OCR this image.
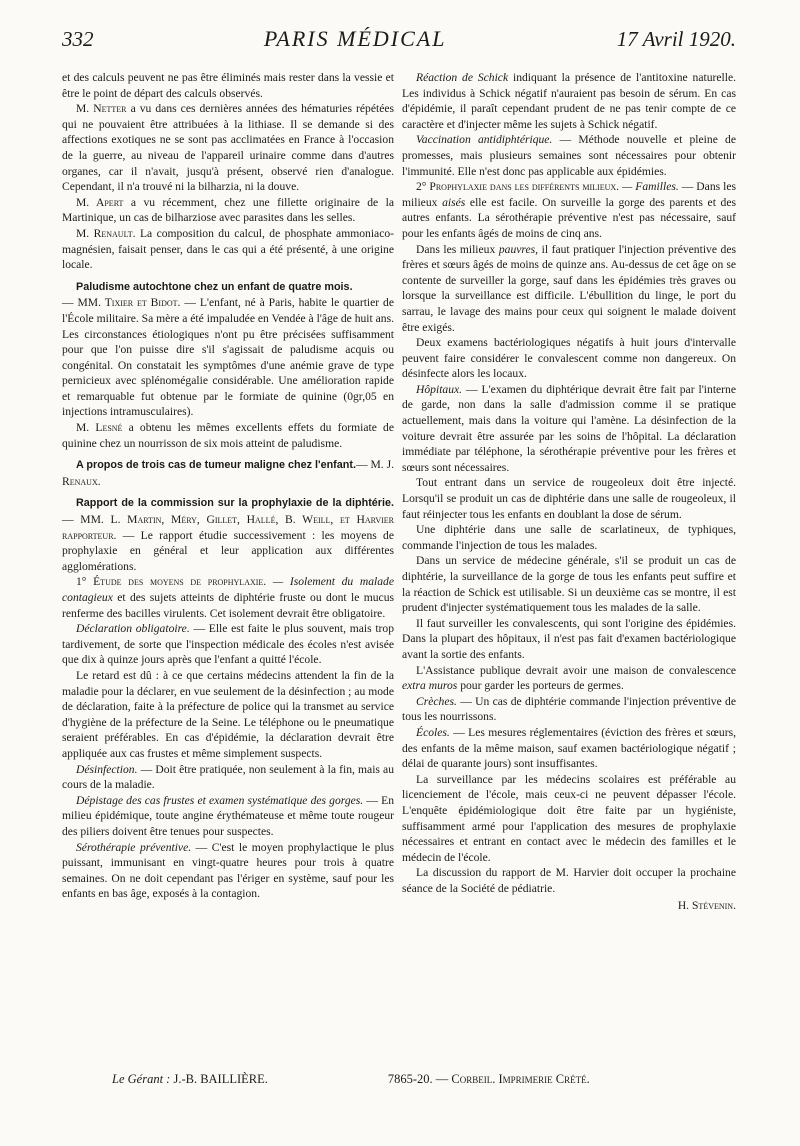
332	PARIS MÉDICAL	17 Avril 1920.

et des calculs peuvent ne pas être éliminés mais rester dans la vessie et être le point de départ des calculs observés.

M. Netter a vu dans ces dernières années des hématuries répétées qui ne pouvaient être attribuées à la lithiase. Il se demande si des affections exotiques ne se sont pas acclimatées en France à l'occasion de la guerre, au niveau de l'appareil urinaire comme dans d'autres organes, car il n'avait, jusqu'à présent, observé rien d'analogue. Cependant, il n'a trouvé ni la bilharzia, ni la douve.

M. Apert a vu récemment, chez une fillette originaire de la Martinique, un cas de bilharziose avec parasites dans les selles.

M. Renault. La composition du calcul, de phosphate ammoniaco-magnésien, faisait penser, dans le cas qui a été présenté, à une origine locale.

Paludisme autochtone chez un enfant de quatre mois.

— MM. Tixier et Bidot. — L'enfant, né à Paris, habite le quartier de l'École militaire. Sa mère a été impaludée en Vendée à l'âge de huit ans. Les circonstances étiologiques n'ont pu être précisées suffisamment pour que l'on puisse dire s'il s'agissait de paludisme acquis ou congénital. On constatait les symptômes d'une anémie grave de type pernicieux avec splénomégalie considérable. Une amélioration rapide et remarquable fut obtenue par le formiate de quinine (0gr,05 en injections intramusculaires).

M. Lesné a obtenu les mêmes excellents effets du formiate de quinine chez un nourrisson de six mois atteint de paludisme.

A propos de trois cas de tumeur maligne chez l'enfant.— M. J. Renaux.

Rapport de la commission sur la prophylaxie de la diphtérie. — MM. L. Martin, Méry, Gillet, Hallé, B. Weill, et Harvier rapporteur. — Le rapport étudie successivement : les moyens de prophylaxie en général et leur application aux différentes agglomérations.

1° Étude des moyens de prophylaxie. — Isolement du malade contagieux et des sujets atteints de diphtérie fruste ou dont le mucus renferme des bacilles virulents. Cet isolement devrait être obligatoire.

Déclaration obligatoire. — Elle est faite le plus souvent, mais trop tardivement, de sorte que l'inspection médicale des écoles n'est avisée que dix à quinze jours après que l'enfant a quitté l'école.

Le retard est dû : à ce que certains médecins attendent la fin de la maladie pour la déclarer, en vue seulement de la désinfection ; au mode de déclaration, faite à la préfecture de police qui la transmet au service d'hygiène de la préfecture de la Seine. Le téléphone ou le pneumatique seraient préférables. En cas d'épidémie, la déclaration devrait être appliquée aux cas frustes et même simplement suspects.

Désinfection. — Doit être pratiquée, non seulement à la fin, mais au cours de la maladie.

Dépistage des cas frustes et examen systématique des gorges. — En milieu épidémique, toute angine érythémateuse et même toute rougeur des piliers doivent être tenues pour suspectes.

Sérothérapie préventive. — C'est le moyen prophylactique le plus puissant, immunisant en vingt-quatre heures pour trois à quatre semaines. On ne doit cependant pas l'ériger en système, sauf pour les enfants en bas âge, exposés à la contagion.

Réaction de Schick indiquant la présence de l'antitoxine naturelle. Les individus à Schick négatif n'auraient pas besoin de sérum. En cas d'épidémie, il paraît cependant prudent de ne pas tenir compte de ce caractère et d'injecter même les sujets à Schick négatif.

Vaccination antidiphtérique. — Méthode nouvelle et pleine de promesses, mais plusieurs semaines sont nécessaires pour obtenir l'immunité. Elle n'est donc pas applicable aux épidémies.

2° Prophylaxie dans les différents milieux. — Familles. — Dans les milieux aisés elle est facile. On surveille la gorge des parents et des autres enfants. La sérothérapie préventive n'est pas nécessaire, sauf pour les enfants âgés de moins de cinq ans.

Dans les milieux pauvres, il faut pratiquer l'injection préventive des frères et sœurs âgés de moins de quinze ans. Au-dessus de cet âge on se contente de surveiller la gorge, sauf dans les épidémies très graves ou lorsque la surveillance est difficile. L'ébullition du linge, le port du sarrau, le lavage des mains pour ceux qui soignent le malade doivent être exigés.

Deux examens bactériologiques négatifs à huit jours d'intervalle peuvent faire considérer le convalescent comme non dangereux. On désinfecte alors les locaux.

Hôpitaux. — L'examen du diphtérique devrait être fait par l'interne de garde, non dans la salle d'admission comme il se pratique actuellement, mais dans la voiture qui l'amène. La désinfection de la voiture devrait être assurée par les soins de l'hôpital. La déclaration immédiate par téléphone, la sérothérapie préventive pour les frères et sœurs sont nécessaires.

Tout entrant dans un service de rougeoleux doit être injecté. Lorsqu'il se produit un cas de diphtérie dans une salle de rougeoleux, il faut réinjecter tous les enfants en doublant la dose de sérum.

Une diphtérie dans une salle de scarlatineux, de typhiques, commande l'injection de tous les malades.

Dans un service de médecine générale, s'il se produit un cas de diphtérie, la surveillance de la gorge de tous les enfants peut suffire et la réaction de Schick est utilisable. Si un deuxième cas se montre, il est prudent d'injecter systématiquement tous les malades de la salle.

Il faut surveiller les convalescents, qui sont l'origine des épidémies. Dans la plupart des hôpitaux, il n'est pas fait d'examen bactériologique avant la sortie des enfants.

L'Assistance publique devrait avoir une maison de convalescence extra muros pour garder les porteurs de germes.

Crèches. — Un cas de diphtérie commande l'injection préventive de tous les nourrissons.

Écoles. — Les mesures réglementaires (éviction des frères et sœurs, des enfants de la même maison, sauf examen bactériologique négatif ; délai de quarante jours) sont insuffisantes.

La surveillance par les médecins scolaires est préférable au licenciement de l'école, mais ceux-ci ne peuvent dépasser l'école. L'enquête épidémiologique doit être faite par un hygiéniste, suffisamment armé pour l'application des mesures de prophylaxie nécessaires et entrant en contact avec le médecin des familles et le médecin de l'école.

La discussion du rapport de M. Harvier doit occuper la prochaine séance de la Société de pédiatrie.

H. Stévenin.
Le Gérant : J.-B. BAILLIÈRE.	7865-20. — Corbeil. Imprimerie Crété.
